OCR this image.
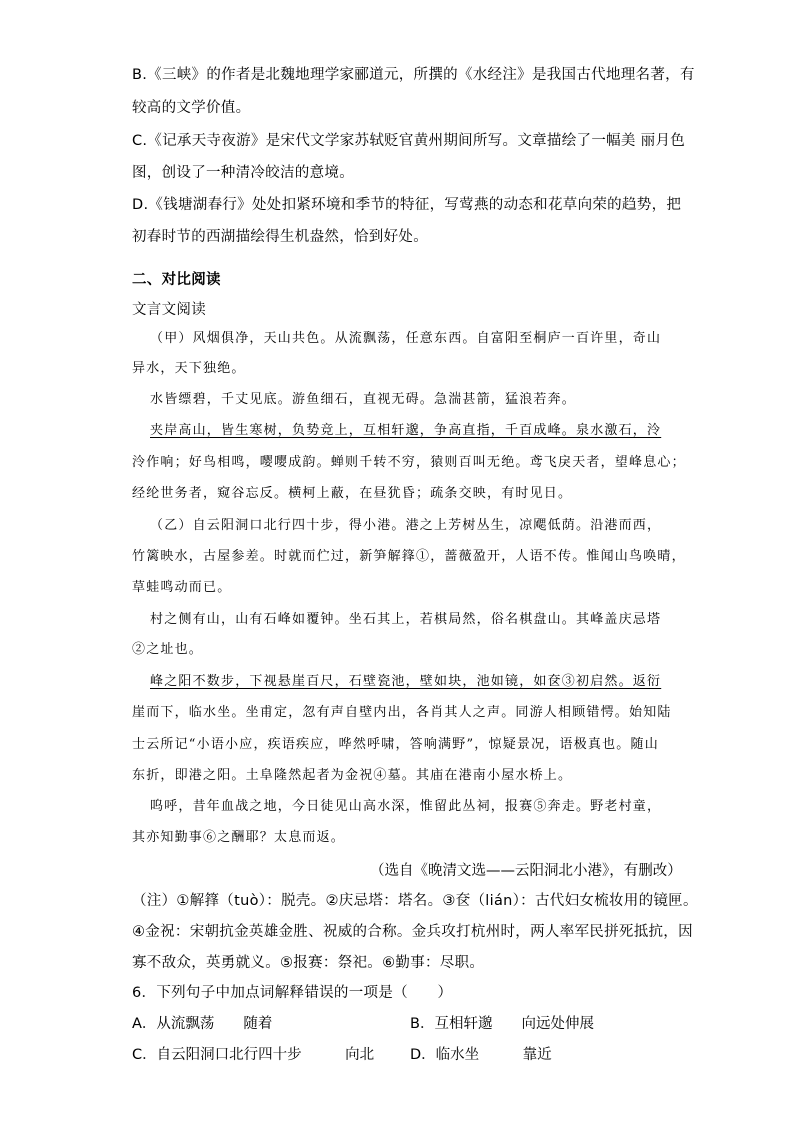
B.《三峡》的作者是北魏地理学家郦道元，所撰的《水经注》是我国古代地理名著，有
较高的文学价值。
C.《记承天寺夜游》是宋代文学家苏轼贬官黄州期间所写。文章描绘了一幅美 丽月色
图，创设了一种清冷皎洁的意境。
D.《钱塘湖春行》处处扣紧环境和季节的特征，写莺燕的动态和花草向荣的趋势，把
初春时节的西湖描绘得生机盎然，恰到好处。
二、对比阅读
文言文阅读
（甲）风烟俱净，天山共色。从流飘荡，任意东西。自富阳至桐庐一百许里，奇山
异水，天下独绝。
水皆缥碧，千丈见底。游鱼细石，直视无碍。急湍甚箭，猛浪若奔。
夹岸高山，皆生寒树，负势竞上，互相轩邈，争高直指，千百成峰。泉水激石，泠
泠作响；好鸟相鸣，嘤嘤成韵。蝉则千转不穷，猿则百叫无绝。鸢飞戾天者，望峰息心；
经纶世务者，窥谷忘反。横柯上蔽，在昼犹昏；疏条交映，有时见日。
（乙）自云阳洞口北行四十步，得小港。港之上芳树丛生，凉飔低荫。沿港而西，
竹篱映水，古屋参差。时就而伫过，新笋解箨①，蔷薇盈开，人语不传。惟闻山鸟唤晴，
草蛙鸣动而已。
村之侧有山，山有石峰如覆钟。坐石其上，若棋局然，俗名棋盘山。其峰盖庆忌塔
②之址也。
峰之阳不数步，下视悬崖百尺，石壁瓷池，壁如块，池如镜，如奁③初启然。返衍
崖而下，临水坐。坐甫定，忽有声自壁内出，各肖其人之声。同游人相顾错愕。始知陆
士云所记“小语小应，疾语疾应，哗然呼啸，答响满野”，惊疑景况，语极真也。随山
东折，即港之阳。土阜隆然起者为金祝④墓。其庙在港南小屋水桥上。
呜呼，昔年血战之地，今日徒见山高水深，惟留此丛祠，报赛⑤奔走。野老村童，
其亦知勤事⑥之酬耶？太息而返。
（选自《晚清文选——云阳洞北小港》，有删改）
（注）①解箨（tuò）：脱壳。②庆忌塔：塔名。③奁（lián）：古代妇女梳妆用的镜匣。
④金祝：宋朝抗金英雄金胜、祝威的合称。金兵攻打杭州时，两人率军民拼死抵抗，因
寡不敌众，英勇就义。⑤报赛：祭祀。⑥勤事：尽职。
6．下列句子中加点词解释错误的一项是（　　）
A．从流飘荡　　随着	B．互相轩邈　　向远处伸展
C．自云阳洞口北行四十步　　　向北 D．临水坐　　　靠近
